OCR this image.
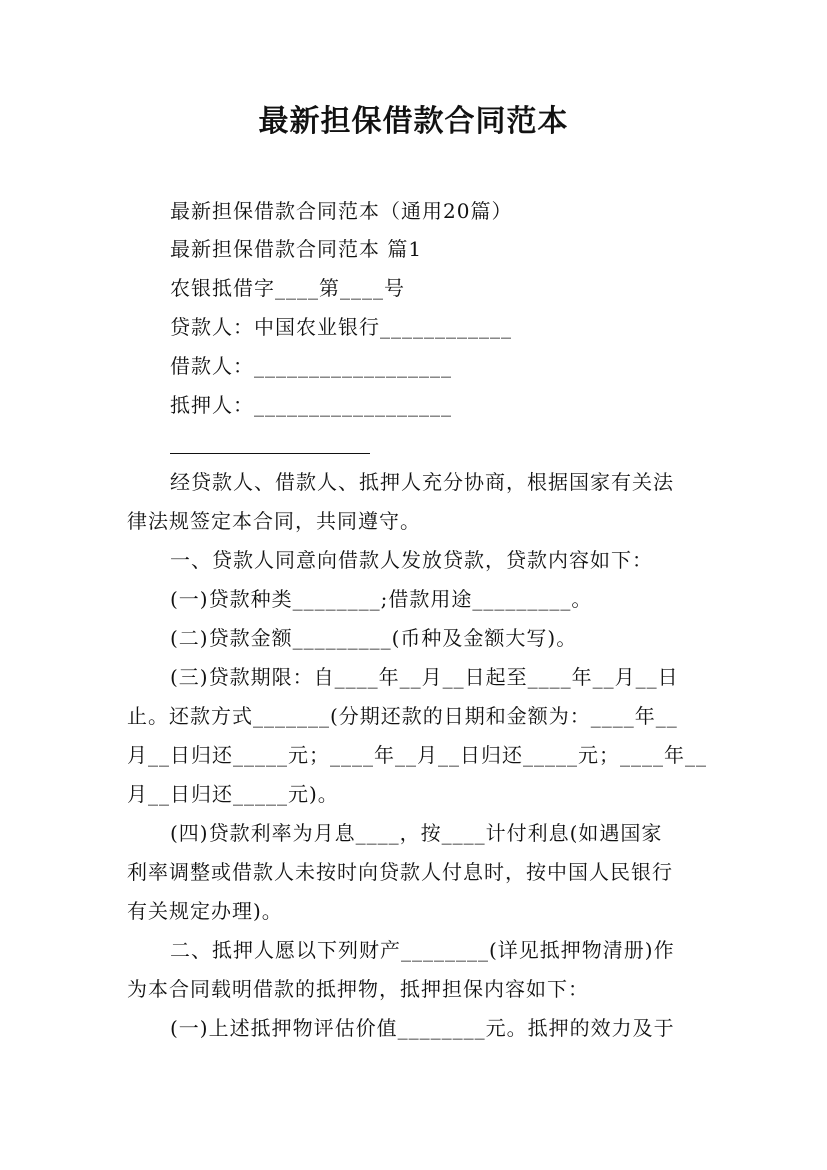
最新担保借款合同范本
最新担保借款合同范本（通用20篇）
最新担保借款合同范本 篇1
农银抵借字____第____号
贷款人：中国农业银行____________
借款人：__________________
抵押人：__________________
经贷款人、借款人、抵押人充分协商，根据国家有关法
律法规签定本合同，共同遵守。
一、贷款人同意向借款人发放贷款，贷款内容如下：
(一)贷款种类________;借款用途_________。
(二)贷款金额_________(币种及金额大写)。
(三)贷款期限：自____年__月__日起至____年__月__日
止。还款方式_______(分期还款的日期和金额为：____年__
月__日归还_____元；____年__月__日归还_____元；____年__
月__日归还_____元)。
(四)贷款利率为月息____，按____计付利息(如遇国家
利率调整或借款人未按时向贷款人付息时，按中国人民银行
有关规定办理)。
二、抵押人愿以下列财产________(详见抵押物清册)作
为本合同载明借款的抵押物，抵押担保内容如下：
(一)上述抵押物评估价值________元。抵押的效力及于
